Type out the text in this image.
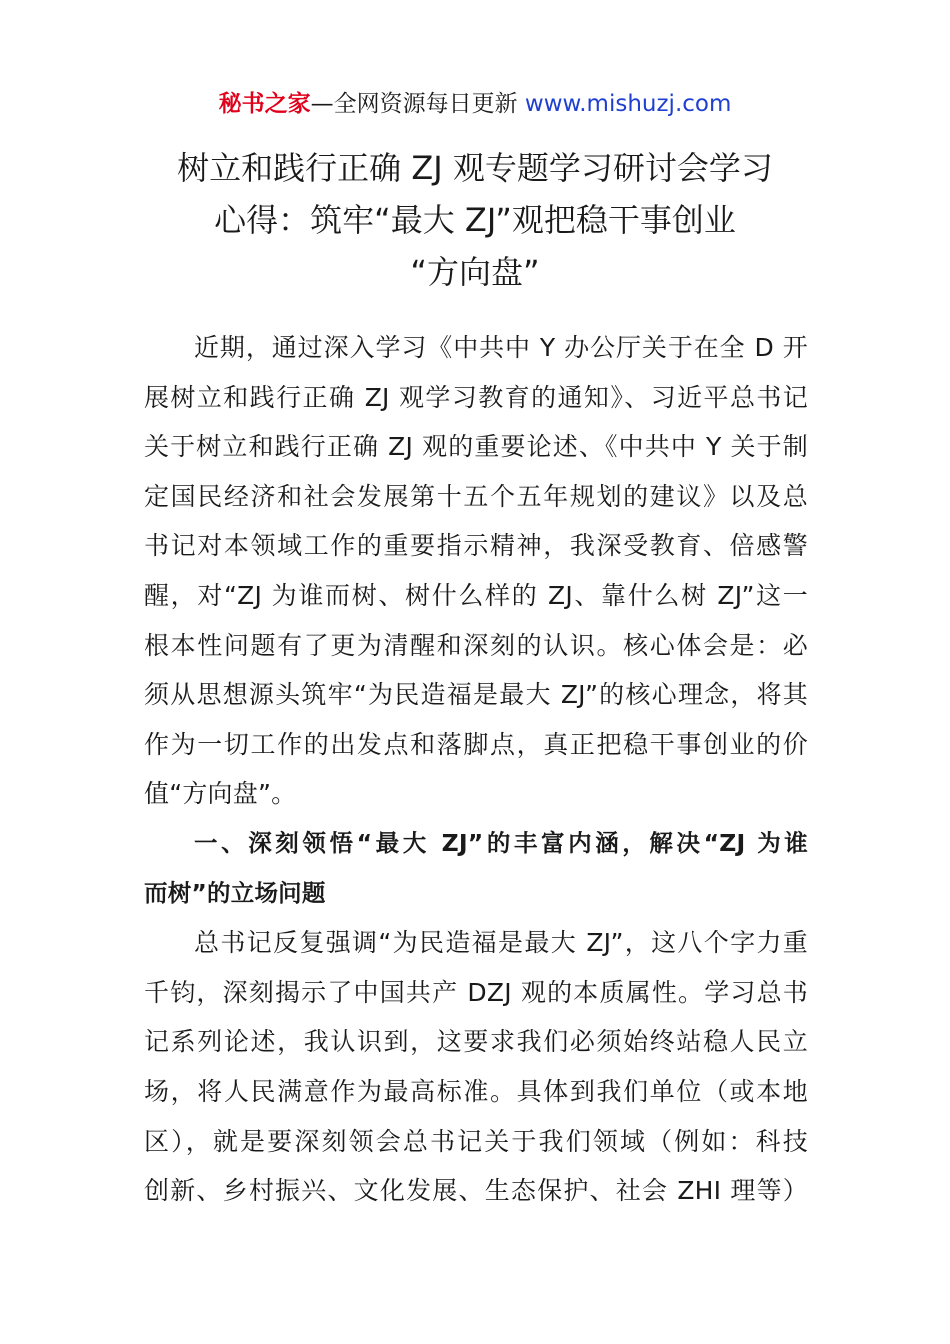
秘书之家—全网资源每日更新 www.mishuzj.com
树立和践行正确 ZJ 观专题学习研讨会学习
心得：筑牢“最大 ZJ”观把稳干事创业
“方向盘”
近期，通过深入学习《中共中 Y 办公厅关于在全 D 开
展树立和践行正确 ZJ 观学习教育的通知》、习近平总书记
关于树立和践行正确 ZJ 观的重要论述、《中共中 Y 关于制
定国民经济和社会发展第十五个五年规划的建议》以及总
书记对本领域工作的重要指示精神，我深受教育、倍感警
醒，对“ZJ 为谁而树、树什么样的 ZJ、靠什么树 ZJ”这一
根本性问题有了更为清醒和深刻的认识。核心体会是：必
须从思想源头筑牢“为民造福是最大 ZJ”的核心理念，将其
作为一切工作的出发点和落脚点，真正把稳干事创业的价
值“方向盘”。
一、深刻领悟“最大 ZJ”的丰富内涵，解决“ZJ 为谁
而树”的立场问题
总书记反复强调“为民造福是最大 ZJ”，这八个字力重
千钧，深刻揭示了中国共产 DZJ 观的本质属性。学习总书
记系列论述，我认识到，这要求我们必须始终站稳人民立
场，将人民满意作为最高标准。具体到我们单位（或本地
区），就是要深刻领会总书记关于我们领域（例如：科技
创新、乡村振兴、文化发展、生态保护、社会 ZHI 理等）
